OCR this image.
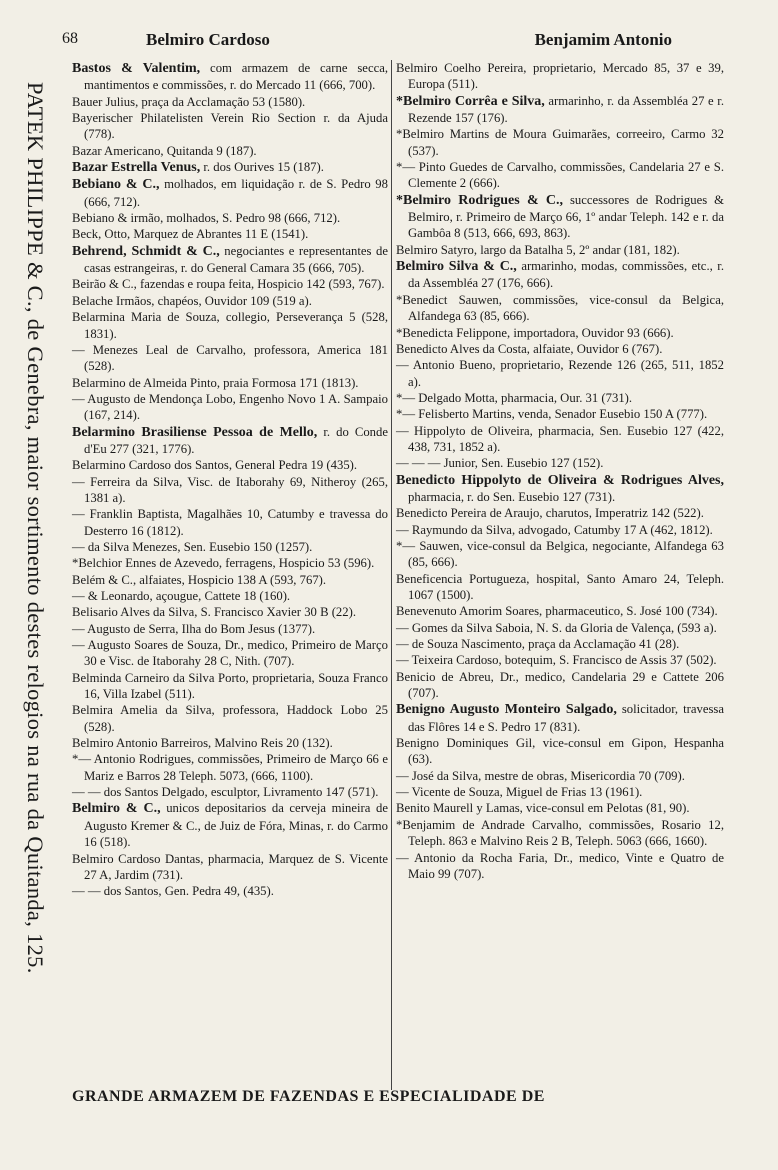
68	Belmiro Cardoso	Benjamim Antonio
PATEK PHILIPPE & C., de Genebra, maior sortimento destes relogios na rua da Quitanda, 125.
Bastos & Valentim, com armazem de carne secca, mantimentos e commissões, r. do Mercado 11 (666, 700).
Bauer Julius, praça da Acclamação 53 (1580).
Bayerischer Philatelisten Verein Rio Section r. da Ajuda (778).
Bazar Americano, Quitanda 9 (187).
Bazar Estrella Venus, r. dos Ourives 15 (187).
Bebiano & C., molhados, em liquidação r. de S. Pedro 98 (666, 712).
Bebiano & irmão, molhados, S. Pedro 98 (666, 712).
Beck, Otto, Marquez de Abrantes 11 E (1541).
Behrend, Schmidt & C., negociantes e representantes de casas estrangeiras, r. do General Camara 35 (666, 705).
Beirão & C., fazendas e roupa feita, Hospicio 142 (593, 767).
Belache Irmãos, chapéos, Ouvidor 109 (519 a).
Belarmina Maria de Souza, collegio, Perseverança 5 (528, 1831).
— Menezes Leal de Carvalho, professora, America 181 (528).
Belarmino de Almeida Pinto, praia Formosa 171 (1813).
— Augusto de Mendonça Lobo, Engenho Novo 1 A. Sampaio (167, 214).
Belarmino Brasiliense Pessoa de Mello, r. do Conde d'Eu 277 (321, 1776).
Belarmino Cardoso dos Santos, General Pedra 19 (435).
— Ferreira da Silva, Visc. de Itaborahy 69, Nitheroy (265, 1381 a).
— Franklin Baptista, Magalhães 10, Catumby e travessa do Desterro 16 (1812).
— da Silva Menezes, Sen. Eusebio 150 (1257).
*Belchior Ennes de Azevedo, ferragens, Hospicio 53 (596).
Belém & C., alfaiates, Hospicio 138 A (593, 767).
— & Leonardo, açougue, Cattete 18 (160).
Belisario Alves da Silva, S. Francisco Xavier 30 B (22).
— Augusto de Serra, Ilha do Bom Jesus (1377).
— Augusto Soares de Souza, Dr., medico, Primeiro de Março 30 e Visc. de Itaborahy 28 C, Nith. (707).
Belminda Carneiro da Silva Porto, proprietaria, Souza Franco 16, Villa Izabel (511).
Belmira Amelia da Silva, professora, Haddock Lobo 25 (528).
Belmiro Antonio Barreiros, Malvino Reis 20 (132).
*— Antonio Rodrigues, commissões, Primeiro de Março 66 e Mariz e Barros 28 Teleph. 5073, (666, 1100).
— — dos Santos Delgado, esculptor, Livramento 147 (571).
Belmiro & C., unicos depositarios da cerveja mineira de Augusto Kremer & C., de Juiz de Fóra, Minas, r. do Carmo 16 (518).
Belmiro Cardoso Dantas, pharmacia, Marquez de S. Vicente 27 A, Jardim (731).
— — dos Santos, Gen. Pedra 49, (435).
Belmiro Coelho Pereira, proprietario, Mercado 85, 37 e 39, Europa (511).
*Belmiro Corrêa e Silva, armarinho, r. da Assembléa 27 e r. Rezende 157 (176).
*Belmiro Martins de Moura Guimarães, correeiro, Carmo 32 (537).
*— Pinto Guedes de Carvalho, commissões, Candelaria 27 e S. Clemente 2 (666).
*Belmiro Rodrigues & C., successores de Rodrigues & Belmiro, r. Primeiro de Março 66, 1º andar Teleph. 142 e r. da Gambôa 8 (513, 666, 693, 863).
Belmiro Satyro, largo da Batalha 5, 2º andar (181, 182).
Belmiro Silva & C., armarinho, modas, commissões, etc., r. da Assembléa 27 (176, 666).
*Benedict Sauwen, commissões, vice-consul da Belgica, Alfandega 63 (85, 666).
*Benedicta Felippone, importadora, Ouvidor 93 (666).
Benedicto Alves da Costa, alfaiate, Ouvidor 6 (767).
— Antonio Bueno, proprietario, Rezende 126 (265, 511, 1852 a).
*— Delgado Motta, pharmacia, Our. 31 (731).
*— Felisberto Martins, venda, Senador Eusebio 150 A (777).
— Hippolyto de Oliveira, pharmacia, Sen. Eusebio 127 (422, 438, 731, 1852 a).
— — — Junior, Sen. Eusebio 127 (152).
Benedicto Hippolyto de Oliveira & Rodrigues Alves, pharmacia, r. do Sen. Eusebio 127 (731).
Benedicto Pereira de Araujo, charutos, Imperatriz 142 (522).
— Raymundo da Silva, advogado, Catumby 17 A (462, 1812).
*— Sauwen, vice-consul da Belgica, negociante, Alfandega 63 (85, 666).
Beneficencia Portugueza, hospital, Santo Amaro 24, Teleph. 1067 (1500).
Benevenuto Amorim Soares, pharmaceutico, S. José 100 (734).
— Gomes da Silva Saboia, N. S. da Gloria de Valença, (593 a).
— de Souza Nascimento, praça da Acclamação 41 (28).
— Teixeira Cardoso, botequim, S. Francisco de Assis 37 (502).
Benicio de Abreu, Dr., medico, Candelaria 29 e Cattete 206 (707).
Benigno Augusto Monteiro Salgado, solicitador, travessa das Flôres 14 e S. Pedro 17 (831).
Benigno Dominiques Gil, vice-consul em Gipon, Hespanha (63).
— José da Silva, mestre de obras, Misericordia 70 (709).
— Vicente de Souza, Miguel de Frias 13 (1961).
Benito Maurell y Lamas, vice-consul em Pelotas (81, 90).
*Benjamim de Andrade Carvalho, commissões, Rosario 12, Teleph. 863 e Malvino Reis 2 B, Teleph. 5063 (666, 1660).
— Antonio da Rocha Faria, Dr., medico, Vinte e Quatro de Maio 99 (707).
GRANDE ARMAZEM DE FAZENDAS E ESPECIALIDADE DE
